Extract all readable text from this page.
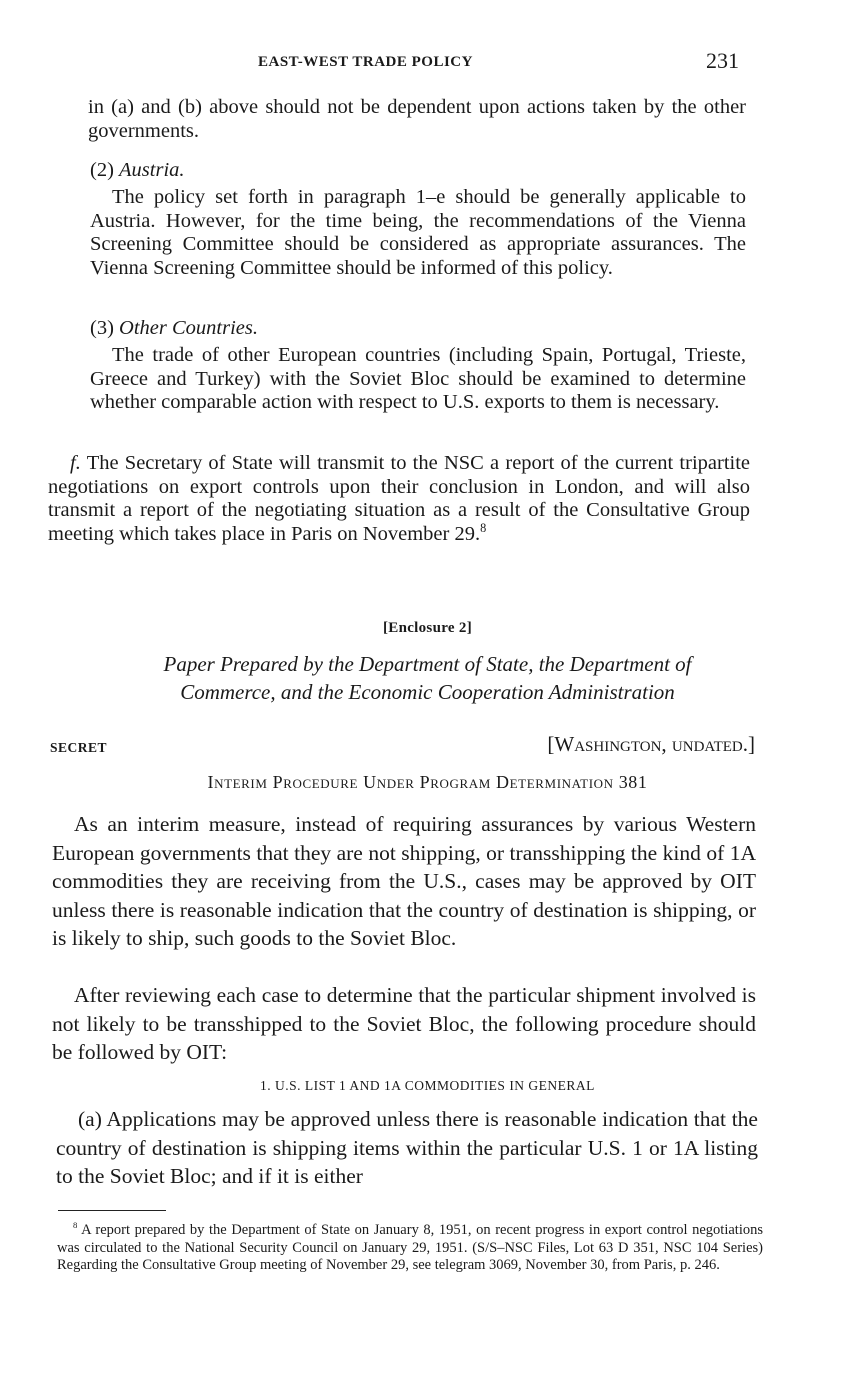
EAST-WEST TRADE POLICY	231

in (a) and (b) above should not be dependent upon actions taken by the other governments.

(2) Austria.

The policy set forth in paragraph 1–e should be generally applicable to Austria. However, for the time being, the recommendations of the Vienna Screening Committee should be considered as appropriate assurances. The Vienna Screening Committee should be informed of this policy.

(3) Other Countries.

The trade of other European countries (including Spain, Portugal, Trieste, Greece and Turkey) with the Soviet Bloc should be examined to determine whether comparable action with respect to U.S. exports to them is necessary.

f. The Secretary of State will transmit to the NSC a report of the current tripartite negotiations on export controls upon their conclusion in London, and will also transmit a report of the negotiating situation as a result of the Consultative Group meeting which takes place in Paris on November 29.$^8$

[Enclosure 2]
Paper Prepared by the Department of State, the Department of
Commerce, and the Economic Cooperation Administration
SECRET	[Washington, undated.]
Interim Procedure Under Program Determination 381

As an interim measure, instead of requiring assurances by various Western European governments that they are not shipping, or transshipping the kind of 1A commodities they are receiving from the U.S., cases may be approved by OIT unless there is reasonable indication that the country of destination is shipping, or is likely to ship, such goods to the Soviet Bloc.

After reviewing each case to determine that the particular shipment involved is not likely to be transshipped to the Soviet Bloc, the following procedure should be followed by OIT:

1. U.S. LIST 1 AND 1A COMMODITIES IN GENERAL

(a) Applications may be approved unless there is reasonable indication that the country of destination is shipping items within the particular U.S. 1 or 1A listing to the Soviet Bloc; and if it is either

$^8$ A report prepared by the Department of State on January 8, 1951, on recent progress in export control negotiations was circulated to the National Security Council on January 29, 1951. (S/S–NSC Files, Lot 63 D 351, NSC 104 Series) Regarding the Consultative Group meeting of November 29, see telegram 3069, November 30, from Paris, p. 246.
